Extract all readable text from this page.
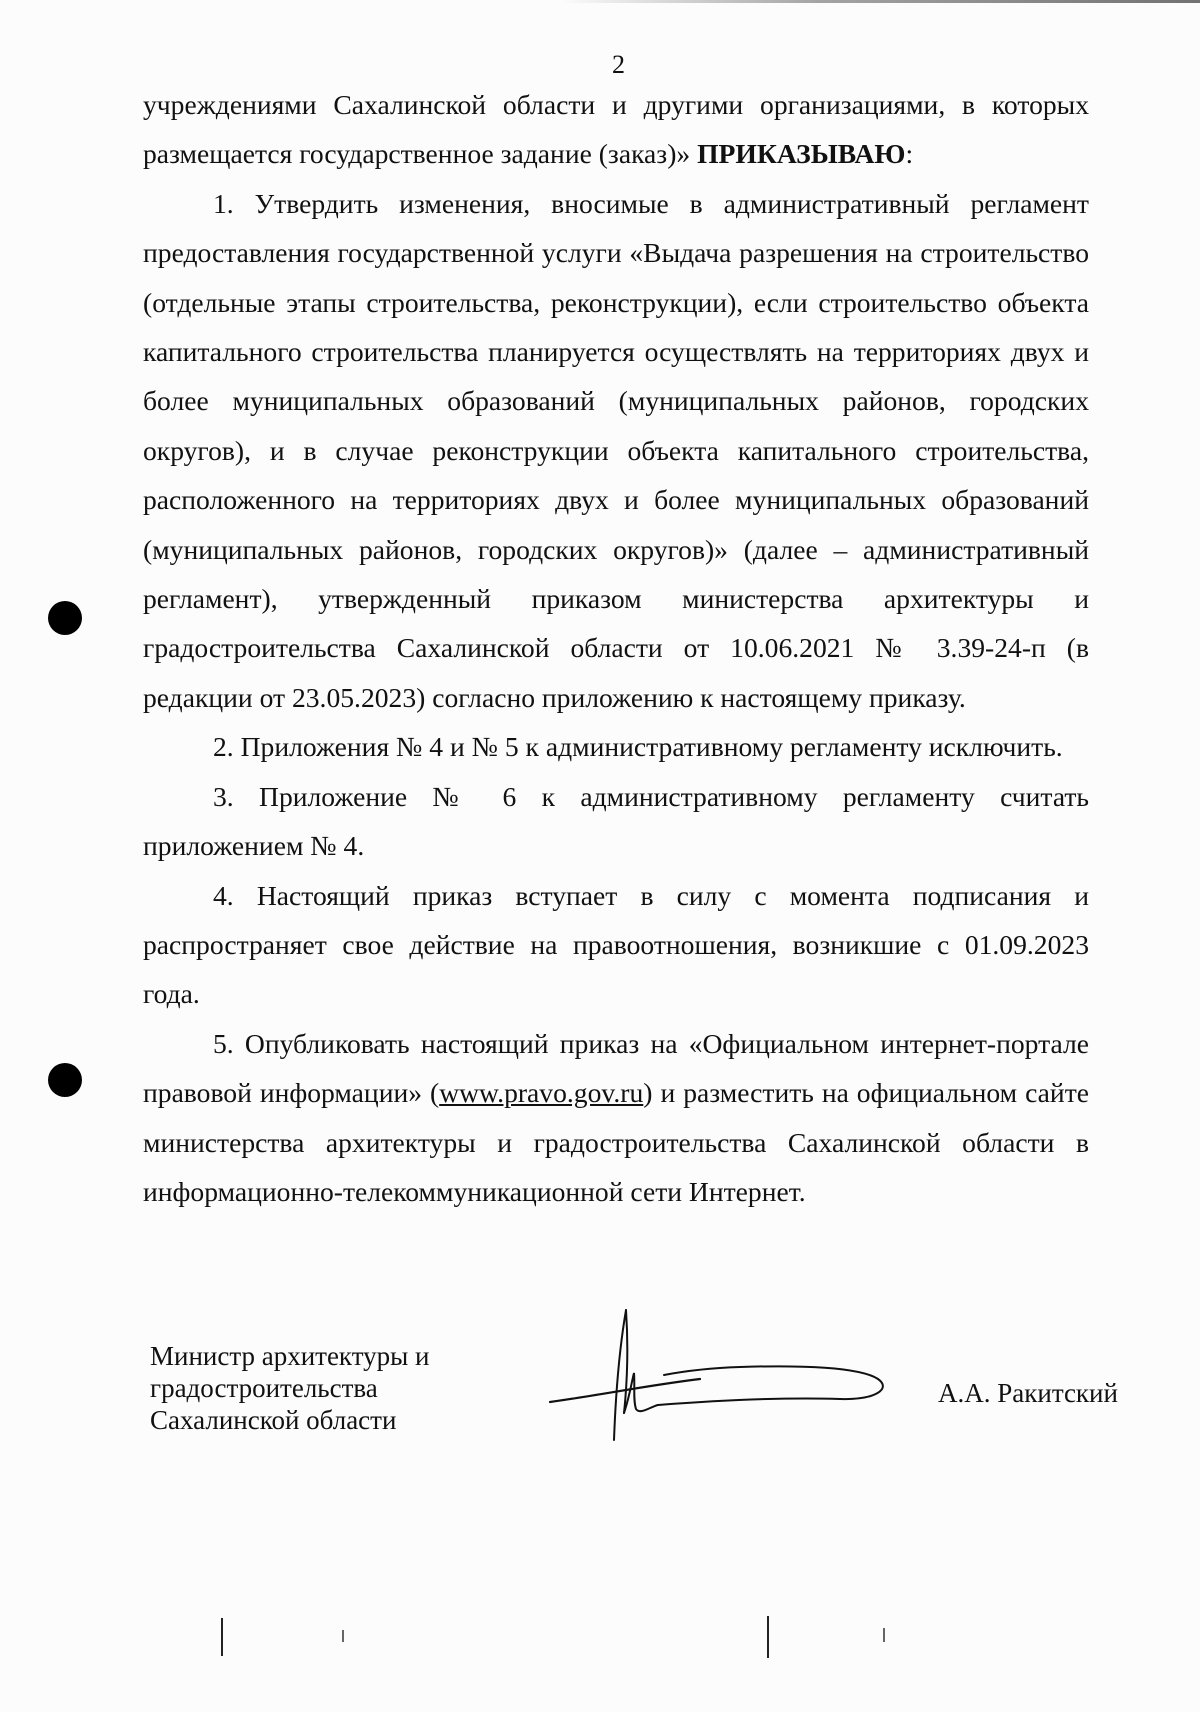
2

учреждениями Сахалинской области и другими организациями, в которых размещается государственное задание (заказ)» ПРИКАЗЫВАЮ:

1. Утвердить изменения, вносимые в административный регламент предоставления государственной услуги «Выдача разрешения на строительство (отдельные этапы строительства, реконструкции), если строительство объекта капитального строительства планируется осуществлять на территориях двух и более муниципальных образований (муниципальных районов, городских округов), и в случае реконструкции объекта капитального строительства, расположенного на территориях двух и более муниципальных образований (муниципальных районов, городских округов)» (далее – административный регламент), утвержденный приказом министерства архитектуры и градостроительства Сахалинской области от 10.06.2021 № 3.39-24-п (в редакции от 23.05.2023) согласно приложению к настоящему приказу.

2. Приложения № 4 и № 5 к административному регламенту исключить.

3. Приложение № 6 к административному регламенту считать приложением № 4.

4. Настоящий приказ вступает в силу с момента подписания и распространяет свое действие на правоотношения, возникшие с 01.09.2023 года.

5. Опубликовать настоящий приказ на «Официальном интернет-портале правовой информации» (www.pravo.gov.ru) и разместить на официальном сайте министерства архитектуры и градостроительства Сахалинской области в информационно-телекоммуникационной сети Интернет.

Министр архитектуры и
градостроительства
Сахалинской области
А.А. Ракитский
